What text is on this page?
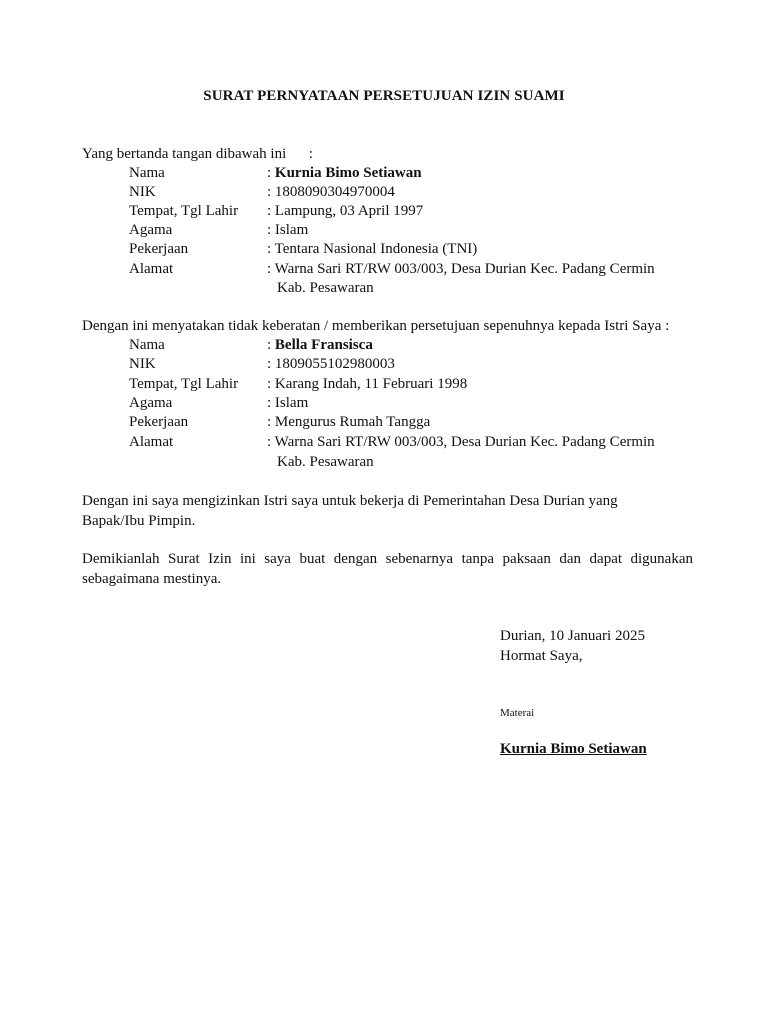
SURAT PERNYATAAN PERSETUJUAN IZIN SUAMI
Yang bertanda tangan dibawah ini      :
Nama	: Kurnia Bimo Setiawan
NIK	: 1808090304970004
Tempat, Tgl Lahir : Lampung, 03 April 1997
Agama	: Islam
Pekerjaan	: Tentara Nasional Indonesia (TNI)
Alamat	: Warna Sari RT/RW 003/003, Desa Durian Kec. Padang Cermin
Kab. Pesawaran
Dengan ini menyatakan tidak keberatan / memberikan persetujuan sepenuhnya kepada Istri Saya :
Nama	: Bella Fransisca
NIK	: 1809055102980003
Tempat, Tgl Lahir : Karang Indah, 11 Februari 1998
Agama	: Islam
Pekerjaan	: Mengurus Rumah Tangga
Alamat	: Warna Sari RT/RW 003/003, Desa Durian Kec. Padang Cermin
Kab. Pesawaran
Dengan ini saya mengizinkan Istri saya untuk bekerja di Pemerintahan Desa Durian yang Bapak/Ibu Pimpin.
Demikianlah Surat Izin ini saya buat dengan sebenarnya tanpa paksaan dan dapat digunakan sebagaimana mestinya.
Durian, 10 Januari 2025
Hormat Saya,
Materai
Kurnia Bimo Setiawan
